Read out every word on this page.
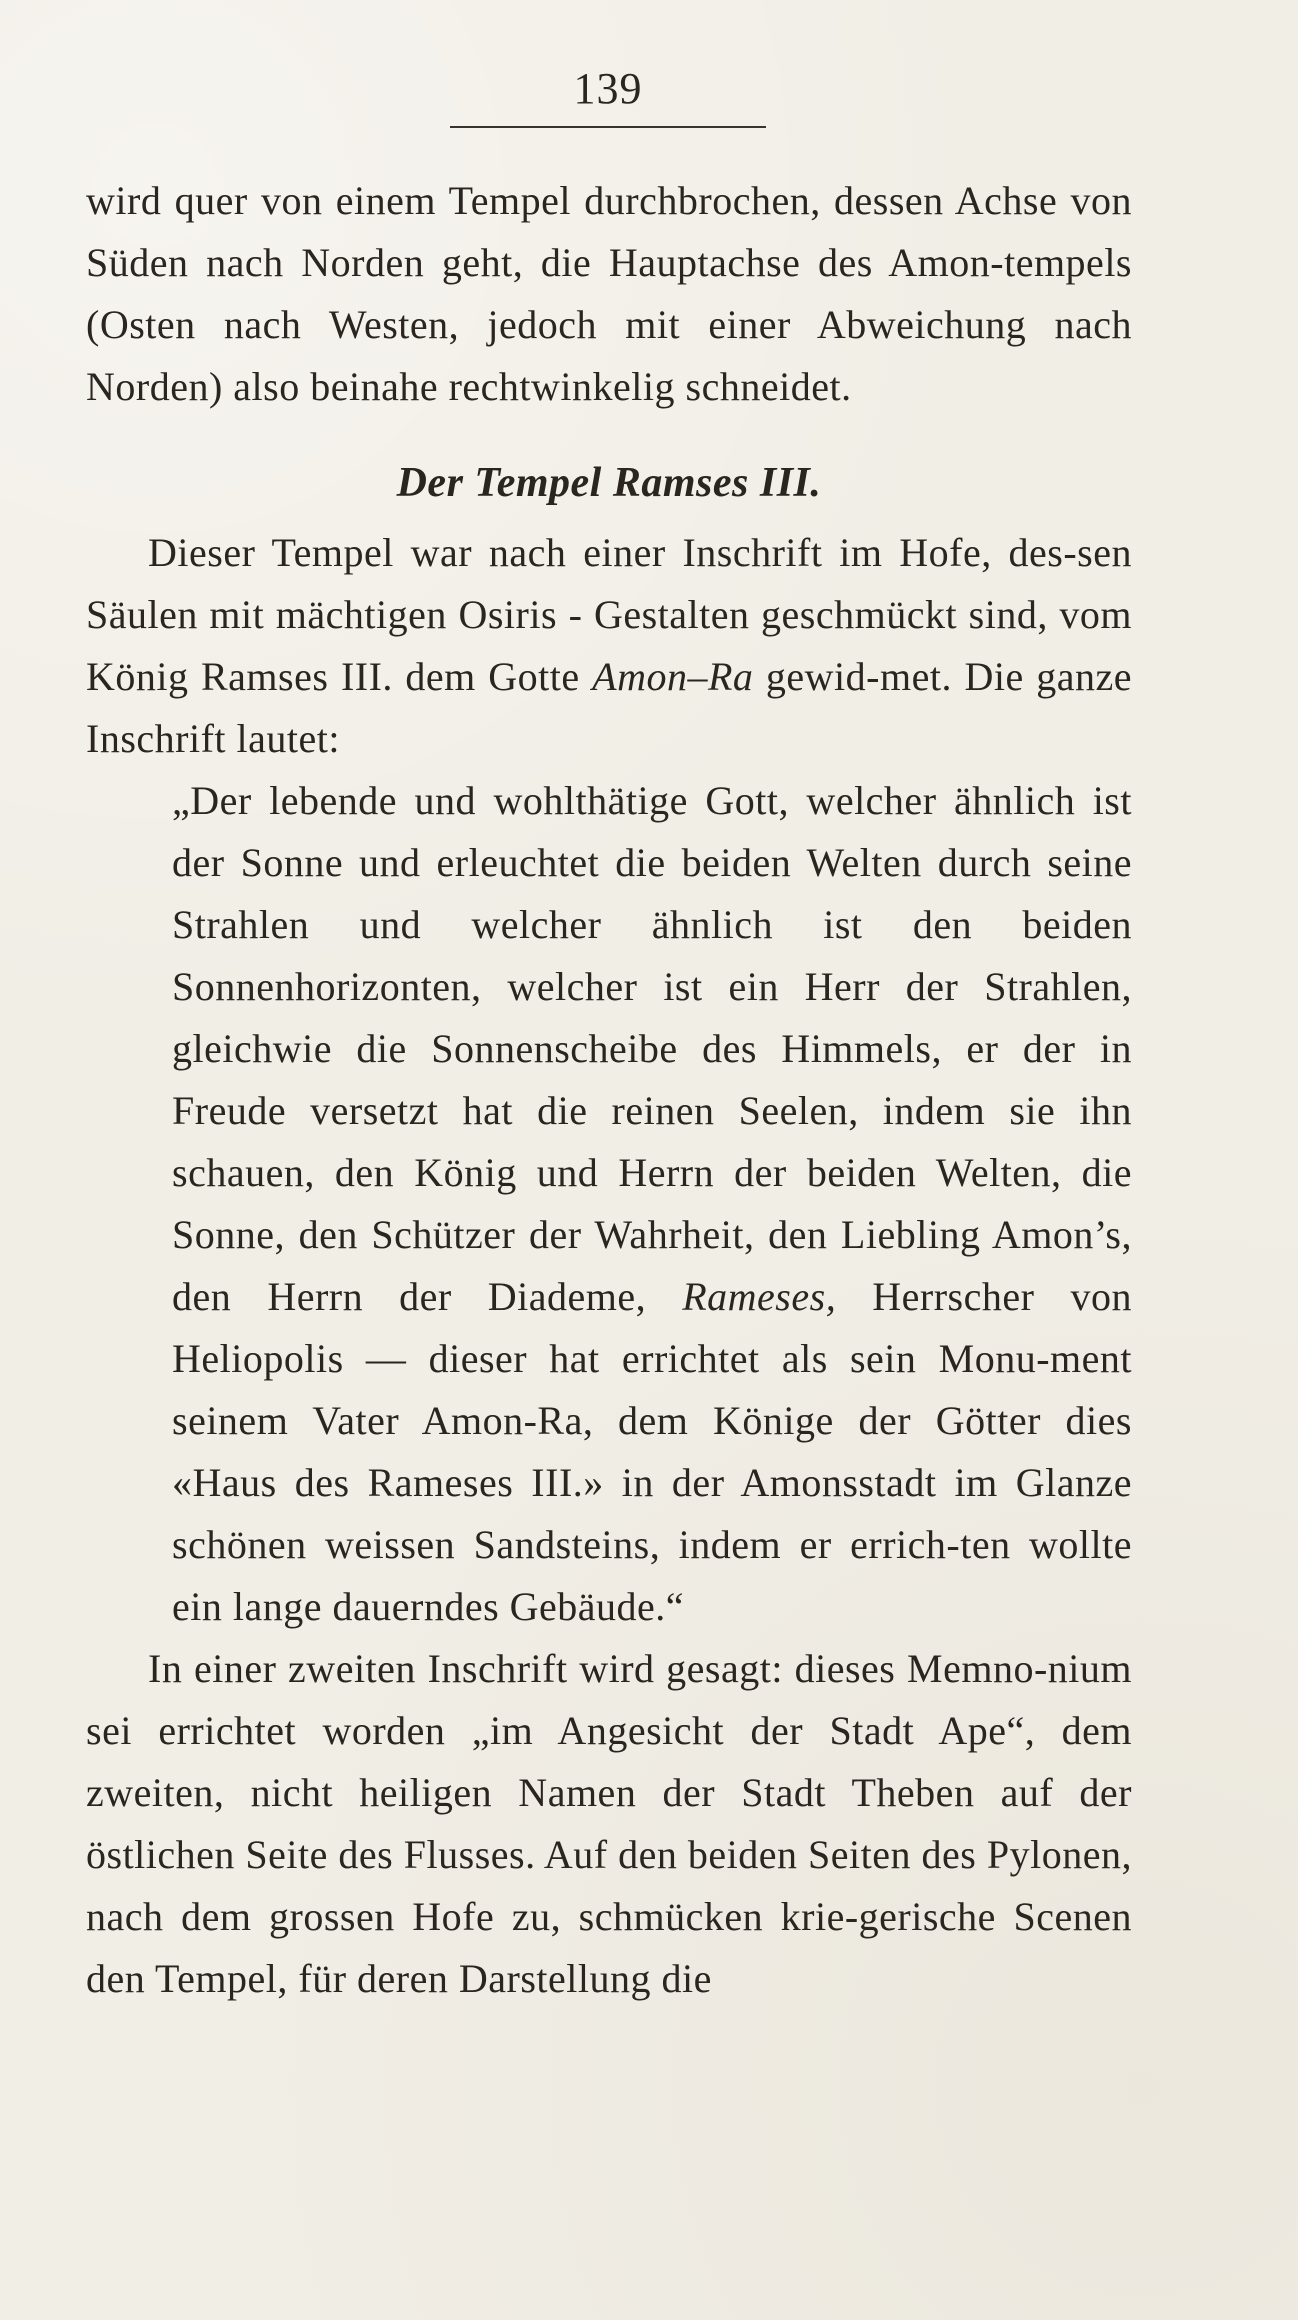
139

wird quer von einem Tempel durchbrochen, dessen Achse von Süden nach Norden geht, die Hauptachse des Amon-tempels (Osten nach Westen, jedoch mit einer Abweichung nach Norden) also beinahe rechtwinkelig schneidet.

Der Tempel Ramses III.

Dieser Tempel war nach einer Inschrift im Hofe, des-sen Säulen mit mächtigen Osiris - Gestalten geschmückt sind, vom König Ramses III. dem Gotte Amon–Ra gewid-met. Die ganze Inschrift lautet:

„Der lebende und wohlthätige Gott, welcher ähnlich ist der Sonne und erleuchtet die beiden Welten durch seine Strahlen und welcher ähnlich ist den beiden Sonnenhorizonten, welcher ist ein Herr der Strahlen, gleichwie die Sonnenscheibe des Himmels, er der in Freude versetzt hat die reinen Seelen, indem sie ihn schauen, den König und Herrn der beiden Welten, die Sonne, den Schützer der Wahrheit, den Liebling Amon’s, den Herrn der Diademe, Rameses, Herrscher von Heliopolis — dieser hat errichtet als sein Monu-ment seinem Vater Amon-Ra, dem Könige der Götter dies «Haus des Rameses III.» in der Amonsstadt im Glanze schönen weissen Sandsteins, indem er errich-ten wollte ein lange dauerndes Gebäude.“

In einer zweiten Inschrift wird gesagt: dieses Memno-nium sei errichtet worden „im Angesicht der Stadt Ape“, dem zweiten, nicht heiligen Namen der Stadt Theben auf der östlichen Seite des Flusses. Auf den beiden Seiten des Pylonen, nach dem grossen Hofe zu, schmücken krie-gerische Scenen den Tempel, für deren Darstellung die
